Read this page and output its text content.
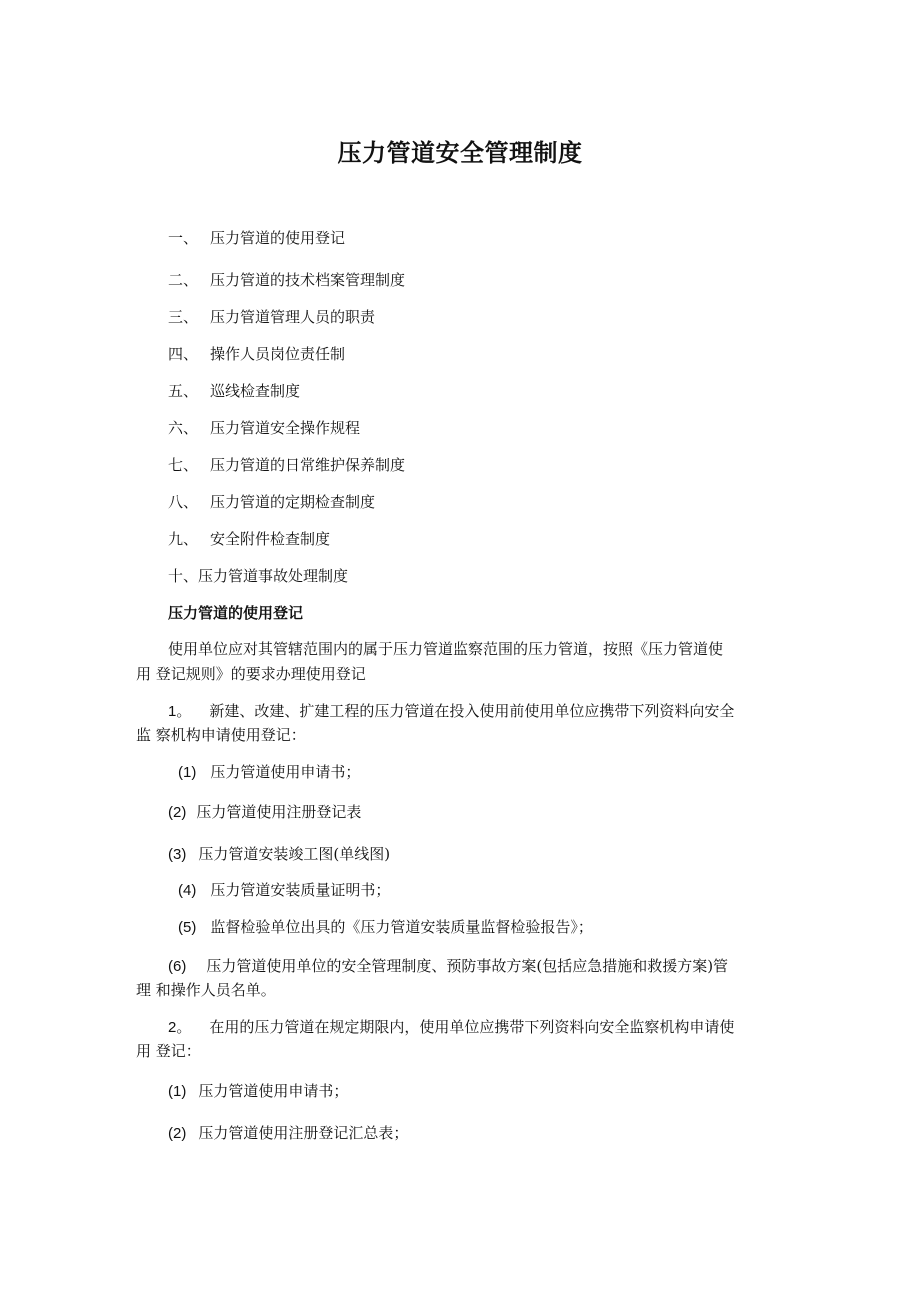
压力管道安全管理制度
一、 压力管道的使用登记
二、 压力管道的技术档案管理制度
三、 压力管道管理人员的职责
四、 操作人员岗位责任制
五、 巡线检查制度
六、 压力管道安全操作规程
七、 压力管道的日常维护保养制度
八、 压力管道的定期检查制度
九、 安全附件检查制度
十、压力管道事故处理制度
压力管道的使用登记
使用单位应对其管辖范围内的属于压力管道监察范围的压力管道，按照《压力管道使
用 登记规则》的要求办理使用登记
1。 新建、改建、扩建工程的压力管道在投入使用前使用单位应携带下列资料向安全
监 察机构申请使用登记：
(1) 压力管道使用申请书；
(2) 压力管道使用注册登记表
(3) 压力管道安装竣工图(单线图)
(4) 压力管道安装质量证明书；
(5) 监督检验单位出具的《压力管道安装质量监督检验报告》；
(6) 压力管道使用单位的安全管理制度、预防事故方案(包括应急措施和救援方案)管
理 和操作人员名单。
2。 在用的压力管道在规定期限内，使用单位应携带下列资料向安全监察机构申请使
用 登记：
(1) 压力管道使用申请书；
(2) 压力管道使用注册登记汇总表；
